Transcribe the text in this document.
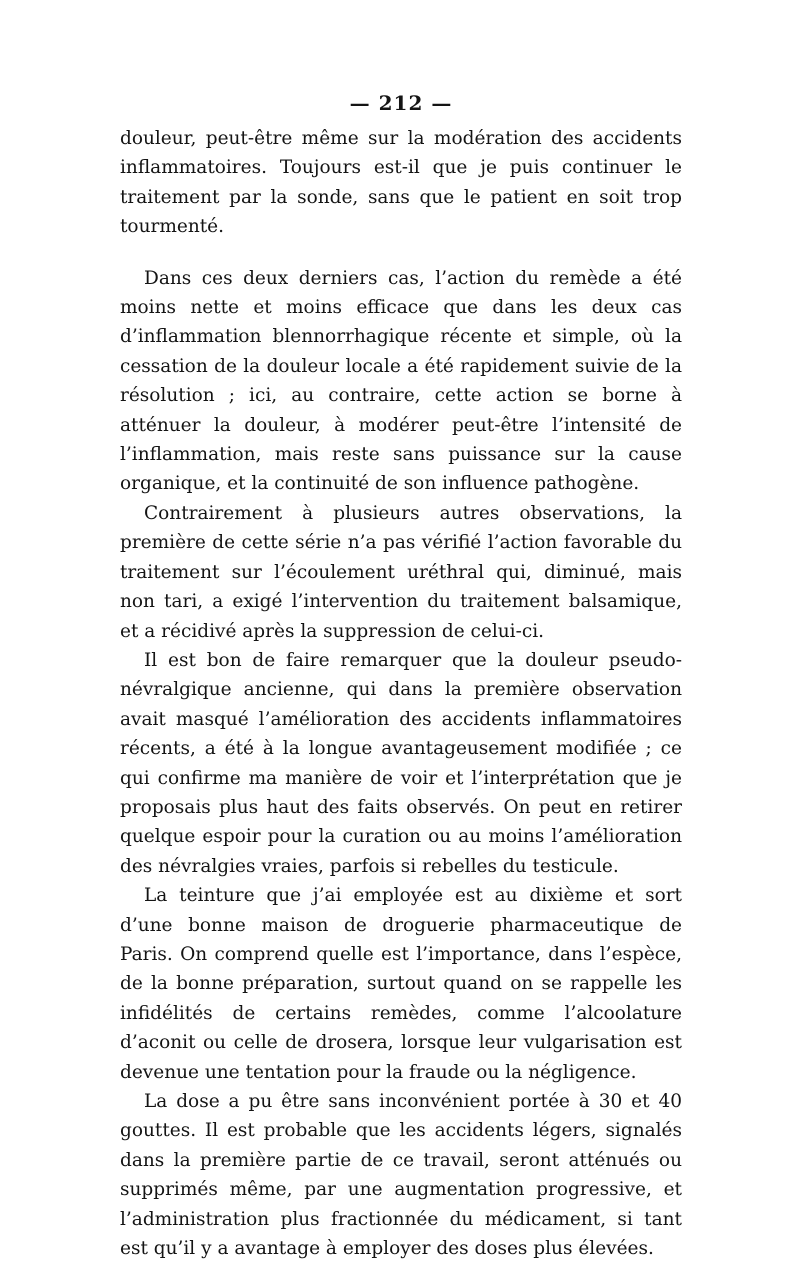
— 212 —

douleur, peut-être même sur la modération des accidents inflammatoires. Toujours est-il que je puis continuer le traitement par la sonde, sans que le patient en soit trop tourmenté.

Dans ces deux derniers cas, l’action du remède a été moins nette et moins efficace que dans les deux cas d’inflammation blennorrhagique récente et simple, où la cessation de la douleur locale a été rapidement suivie de la résolution ; ici, au contraire, cette action se borne à atténuer la douleur, à modérer peut-être l’intensité de l’inflammation, mais reste sans puissance sur la cause organique, et la continuité de son influence pathogène.

Contrairement à plusieurs autres observations, la première de cette série n’a pas vérifié l’action favorable du traitement sur l’écoulement uréthral qui, diminué, mais non tari, a exigé l’intervention du traitement balsamique, et a récidivé après la suppression de celui-ci.

Il est bon de faire remarquer que la douleur pseudo-névralgique ancienne, qui dans la première observation avait masqué l’amélioration des accidents inflammatoires récents, a été à la longue avantageusement modifiée ; ce qui confirme ma manière de voir et l’interprétation que je proposais plus haut des faits observés. On peut en retirer quelque espoir pour la curation ou au moins l’amélioration des névralgies vraies, parfois si rebelles du testicule.

La teinture que j’ai employée est au dixième et sort d’une bonne maison de droguerie pharmaceutique de Paris. On comprend quelle est l’importance, dans l’espèce, de la bonne préparation, surtout quand on se rappelle les infidélités de certains remèdes, comme l’alcoolature d’aconit ou celle de drosera, lorsque leur vulgarisation est devenue une tentation pour la fraude ou la négligence.

La dose a pu être sans inconvénient portée à 30 et 40 gouttes. Il est probable que les accidents légers, signalés dans la première partie de ce travail, seront atténués ou supprimés même, par une augmentation progressive, et l’administration plus fractionnée du médicament, si tant est qu’il y a avantage à employer des doses plus élevées.
